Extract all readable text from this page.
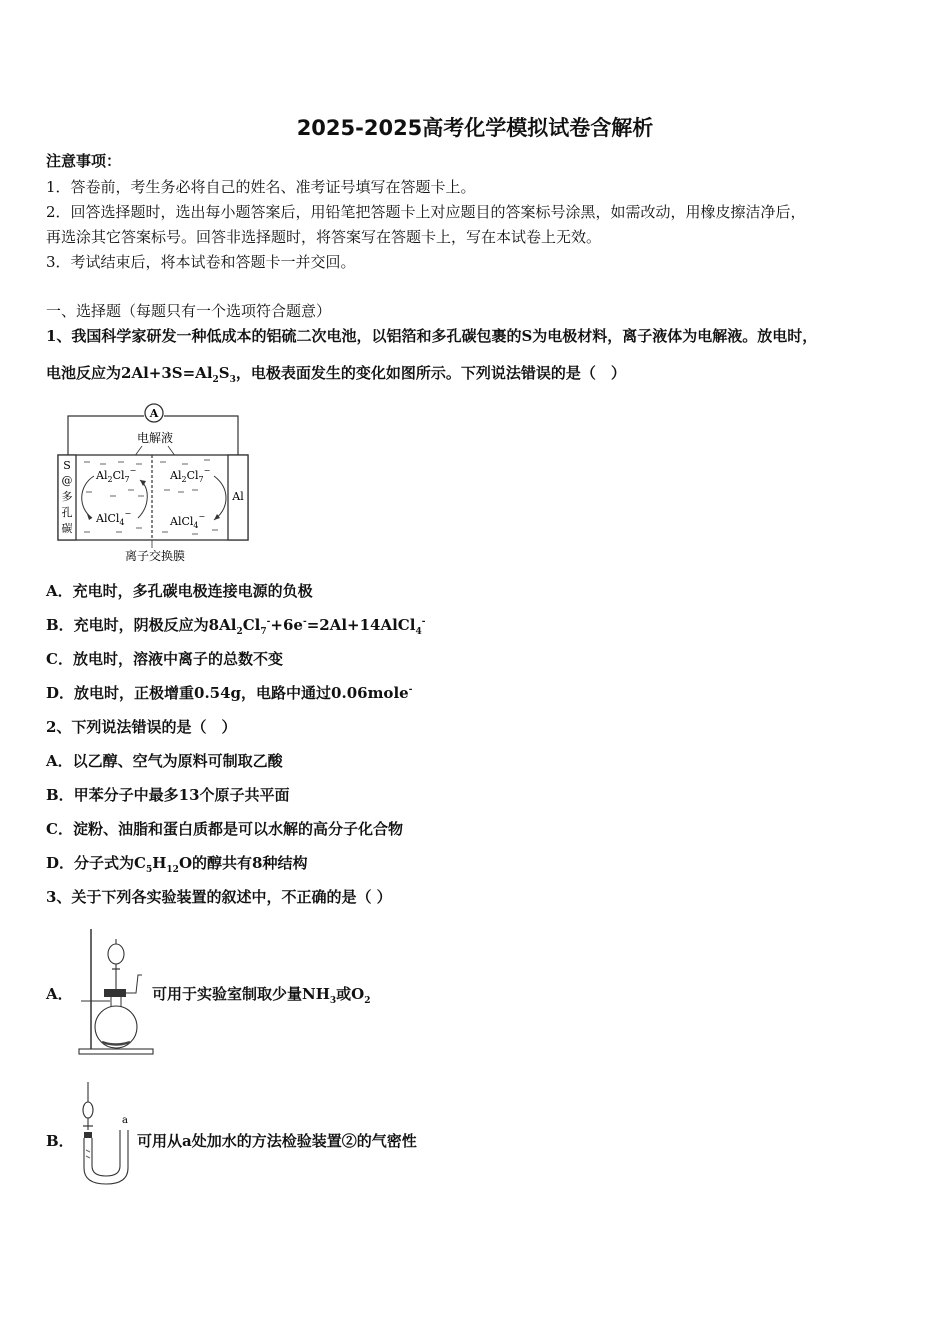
2025-2025高考化学模拟试卷含解析
注意事项：
1．答卷前，考生务必将自己的姓名、准考证号填写在答题卡上。
2．回答选择题时，选出每小题答案后，用铅笔把答题卡上对应题目的答案标号涂黑，如需改动，用橡皮擦洁净后，
再选涂其它答案标号。回答非选择题时，将答案写在答题卡上，写在本试卷上无效。
3．考试结束后，将本试卷和答题卡一并交回。
一、选择题（每题只有一个选项符合题意）
1、我国科学家研发一种低成本的铝硫二次电池，以铝箔和多孔碳包裹的S为电极材料，离子液体为电解液。放电时，
电池反应为$2Al+3S=Al_2S_3$，电极表面发生的变化如图所示。下列说法错误的是（　）
A
电解液
S
@
多
孔
碳
Al
$Al_2Cl_7^-$
AlCl$_4$−
$Al_2Cl_7^-$
AlCl$_4$−
离子交换膜
A．充电时，多孔碳电极连接电源的负极
B．充电时，阴极反应为$8Al_2Cl_7^-+6e^-=2Al+14AlCl_4^-$
C．放电时，溶液中离子的总数不变
D．放电时，正极增重0.54g，电路中通过0.06mole-
2、下列说法错误的是（　）
A．以乙醇、空气为原料可制取乙酸
B．甲苯分子中最多13个原子共平面
C．淀粉、油脂和蛋白质都是可以水解的高分子化合物
D．分子式为$C_5H_{12}O$的醇共有8种结构
3、关于下列各实验装置的叙述中，不正确的是（ ）
A．	可用于实验室制取少量$NH_3$或$O_2$
B．
a
可用从a处加水的方法检验装置②的气密性
